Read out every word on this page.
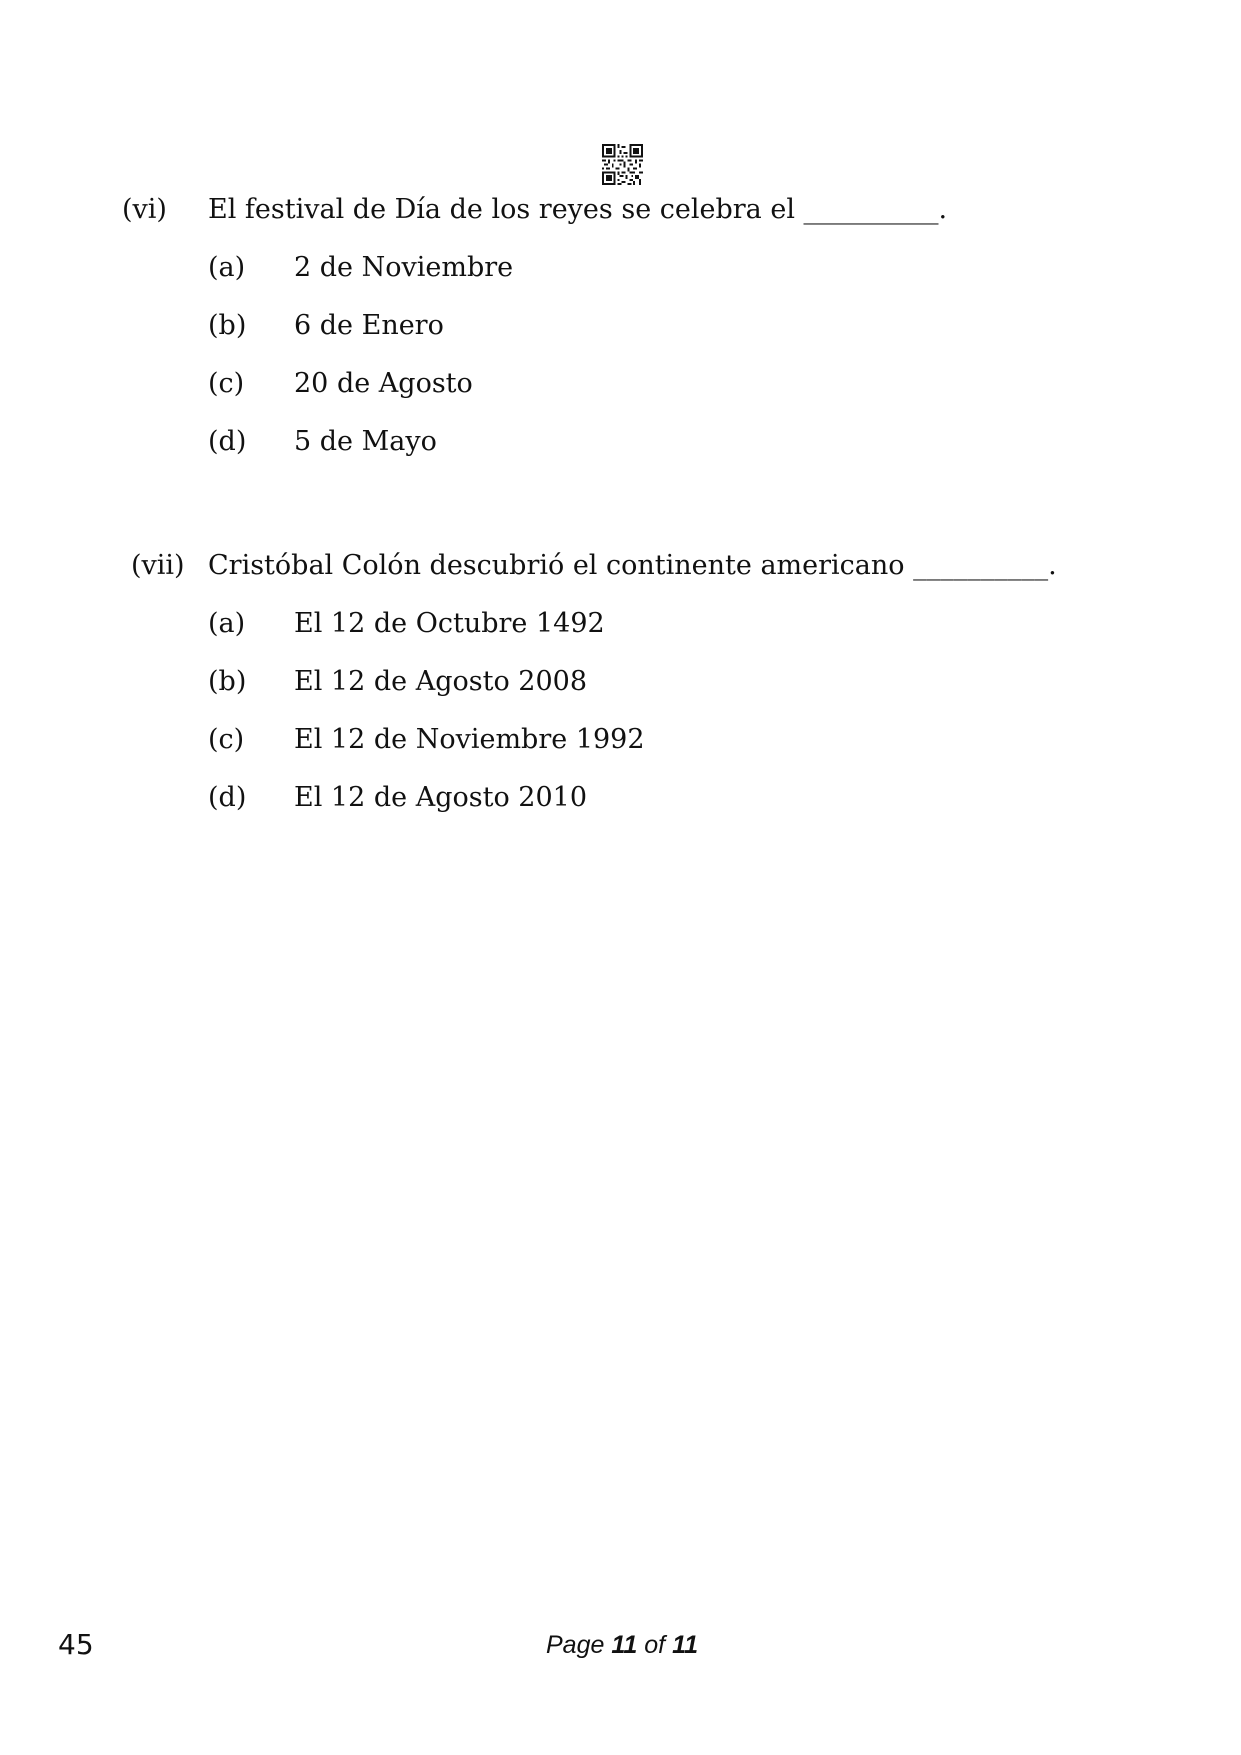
(vi) El festival de Día de los reyes se celebra el __________.
(a) 2 de Noviembre
(b) 6 de Enero
(c) 20 de Agosto
(d) 5 de Mayo
(vii) Cristóbal Colón descubrió el continente americano __________.
(a) El 12 de Octubre 1492
(b) El 12 de Agosto 2008
(c) El 12 de Noviembre 1992
(d) El 12 de Agosto 2010
45	Page 11 of 11
